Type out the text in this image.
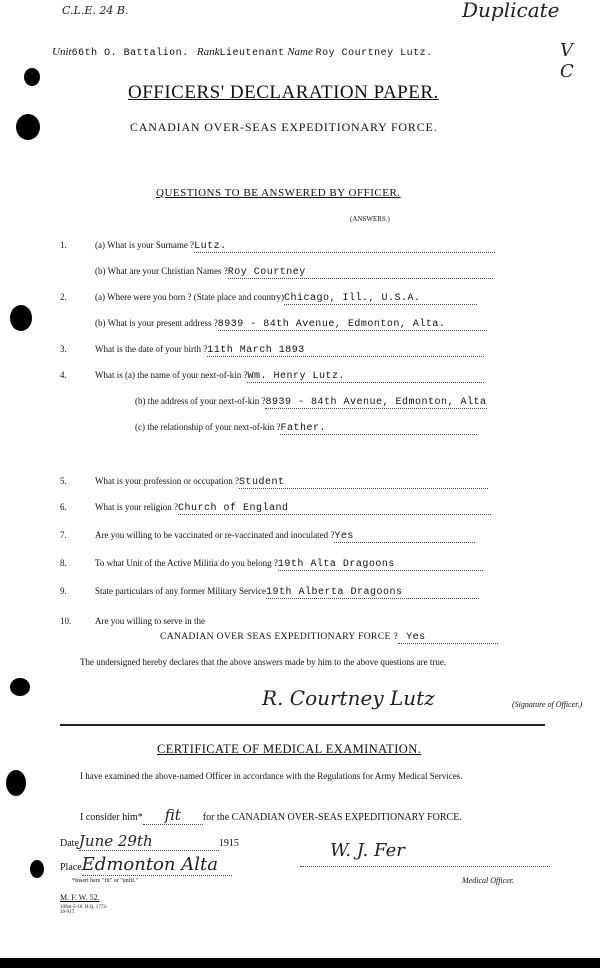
C.L.E. 24 B.	Duplicate
V C
Unit66th O. Battalion. RankLieutenant Name Roy Courtney Lutz.
OFFICERS' DECLARATION PAPER.
CANADIAN OVER-SEAS EXPEDITIONARY FORCE.
QUESTIONS TO BE ANSWERED BY OFFICER.
(ANSWERS.)
1.	(a) What is your Surname ?Lutz.
(b) What are your Christian Names ?Roy Courtney
2.	(a) Where were you born ? (State place and country)Chicago, Ill., U.S.A.
(b) What is your present address ?8939 - 84th Avenue, Edmonton, Alta.
3.	What is the date of your birth ?11th March 1893
4.	What is (a) the name of your next-of-kin ?Wm. Henry Lutz.
(b) the address of your next-of-kin ?8939 - 84th Avenue, Edmonton, Alta
(c) the relationship of your next-of-kin ?Father.
5.	What is your profession or occupation ?Student
6.	What is your religion ?Church of England
7.	Are you willing to be vaccinated or re-vaccinated and inoculated ?Yes
8.	To what Unit of the Active Militia do you belong ?19th Alta Dragoons
9.	State particulars of any former Military Service19th Alberta Dragoons
10.	Are you willing to serve in the
CANADIAN OVER SEAS EXPEDITIONARY FORCE ? Yes
The undersigned hereby declares that the above answers made by him to the above questions are true.
R. Courtney Lutz	(Signature of Officer.)
CERTIFICATE OF MEDICAL EXAMINATION.
I have examined the above-named Officer in accordance with the Regulations for Army Medical Services.
I consider him* fit for the CANADIAN OVER-SEAS EXPEDITIONARY FORCE.
DateJune 29th	1915
PlaceEdmonton Alta
*Insert here "fit" or "unfit."
W. J. Fer
Medical Officer.
M. F. W. 52.
100m-5-16. H.Q. 1772-39-917.
